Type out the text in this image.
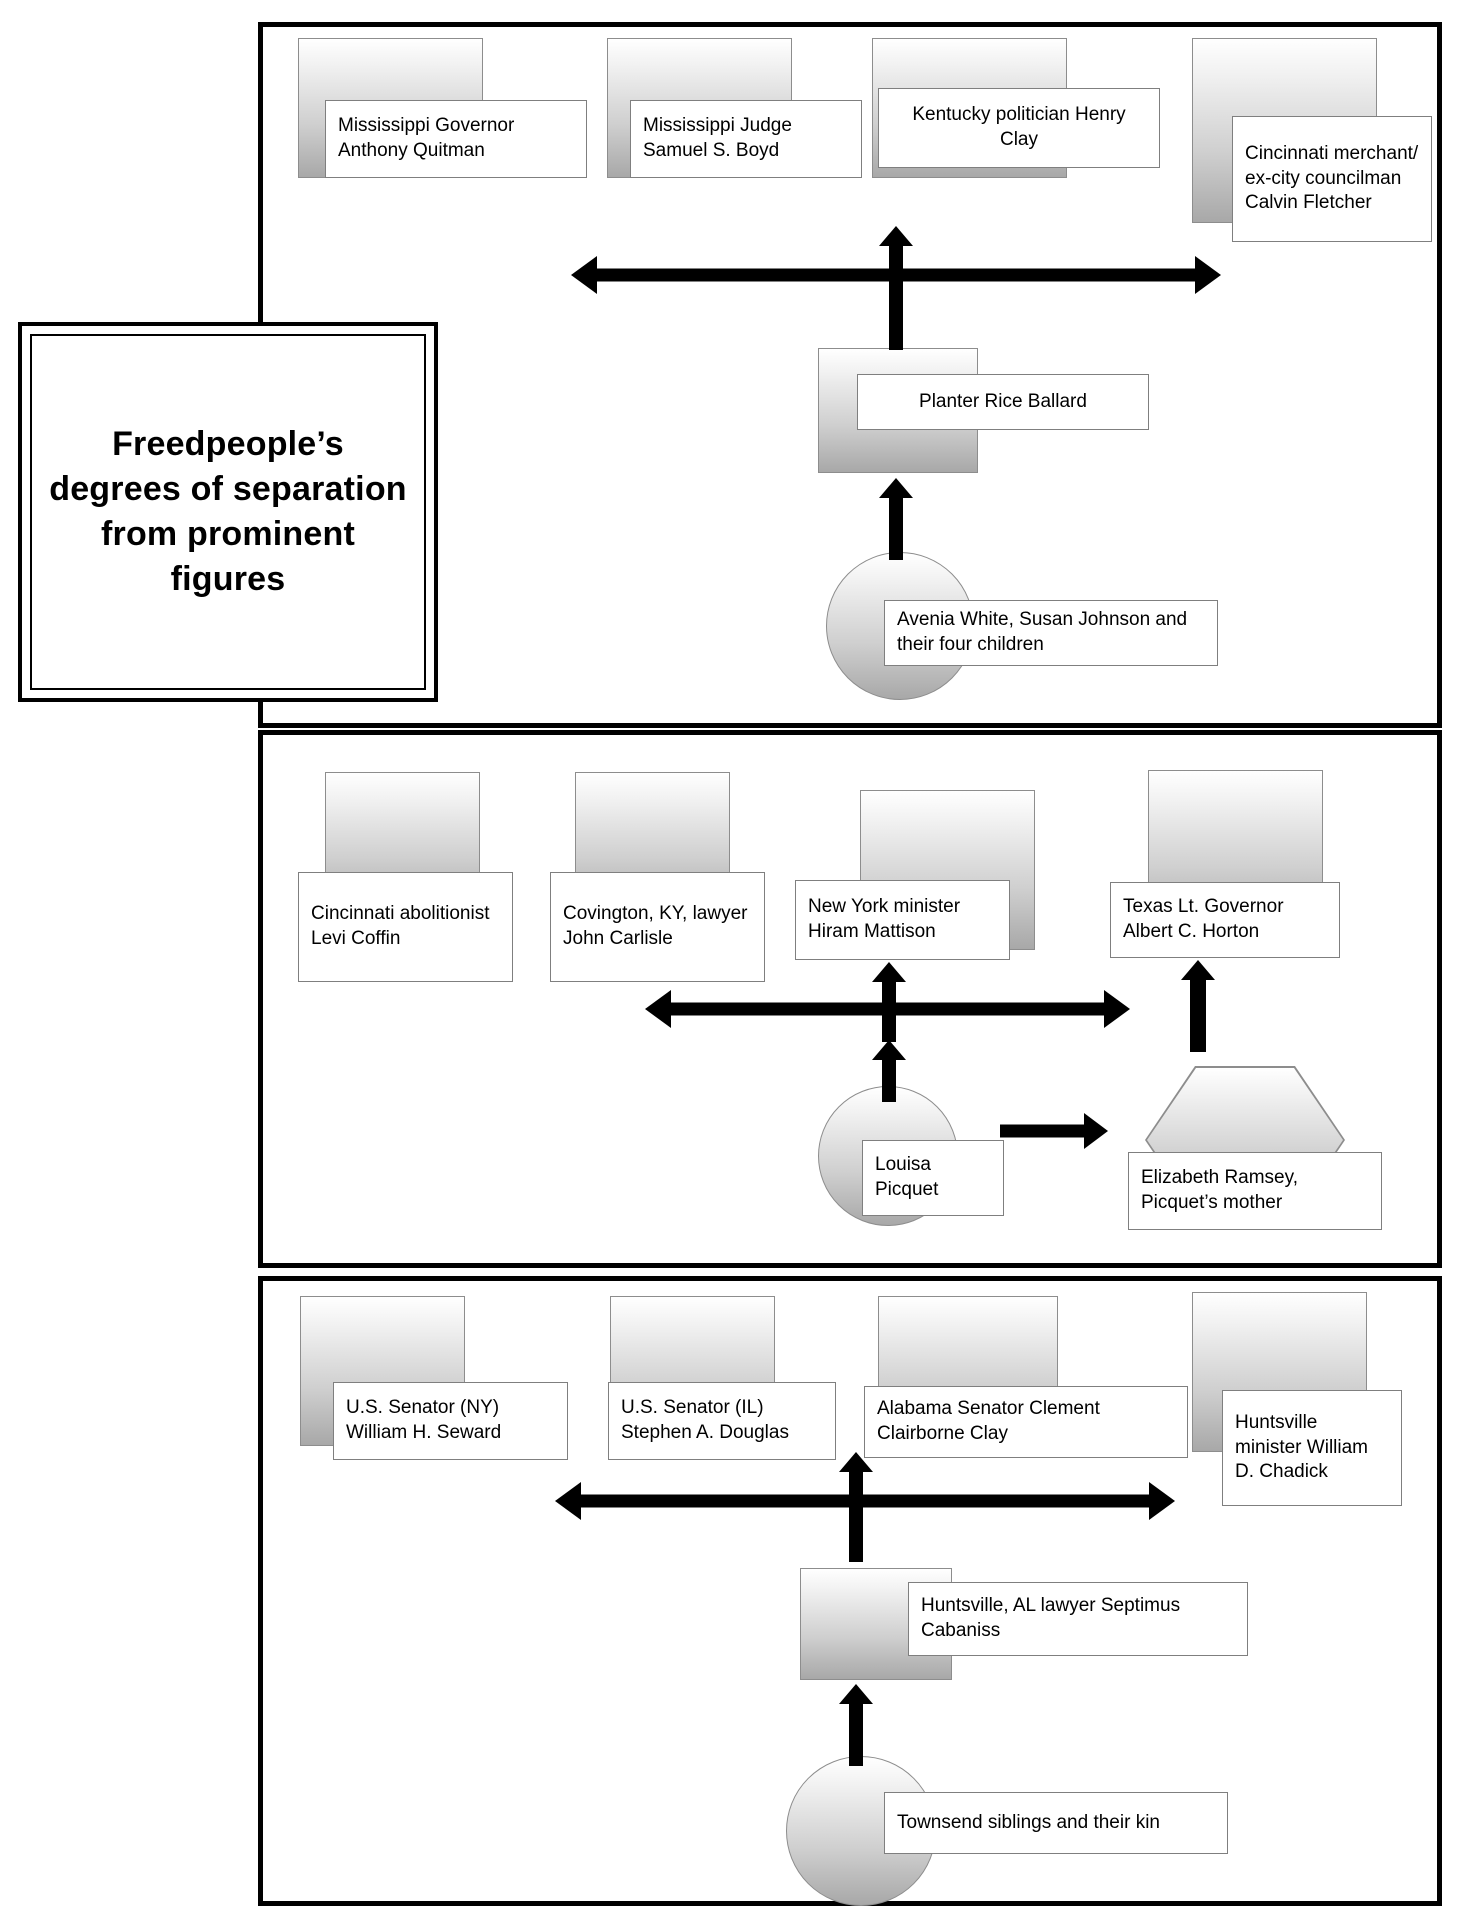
Freedpeople’s degrees of separation from prominent figures
Mississippi Governor Anthony Quitman
Mississippi Judge Samuel S. Boyd
Kentucky politician Henry Clay
Cincinnati merchant/ ex-city councilman Calvin Fletcher
Planter Rice Ballard
Avenia White, Susan Johnson and their four children
Cincinnati abolitionist Levi Coffin
Covington, KY, lawyer John Carlisle
New York minister Hiram Mattison
Texas Lt. Governor Albert C. Horton
Louisa Picquet
Elizabeth Ramsey, Picquet’s mother
U.S. Senator (NY) William H. Seward
U.S. Senator (IL) Stephen A. Douglas
Alabama Senator Clement Clairborne Clay
Huntsville minister William D. Chadick
Huntsville, AL lawyer Septimus Cabaniss
Townsend siblings and their kin
